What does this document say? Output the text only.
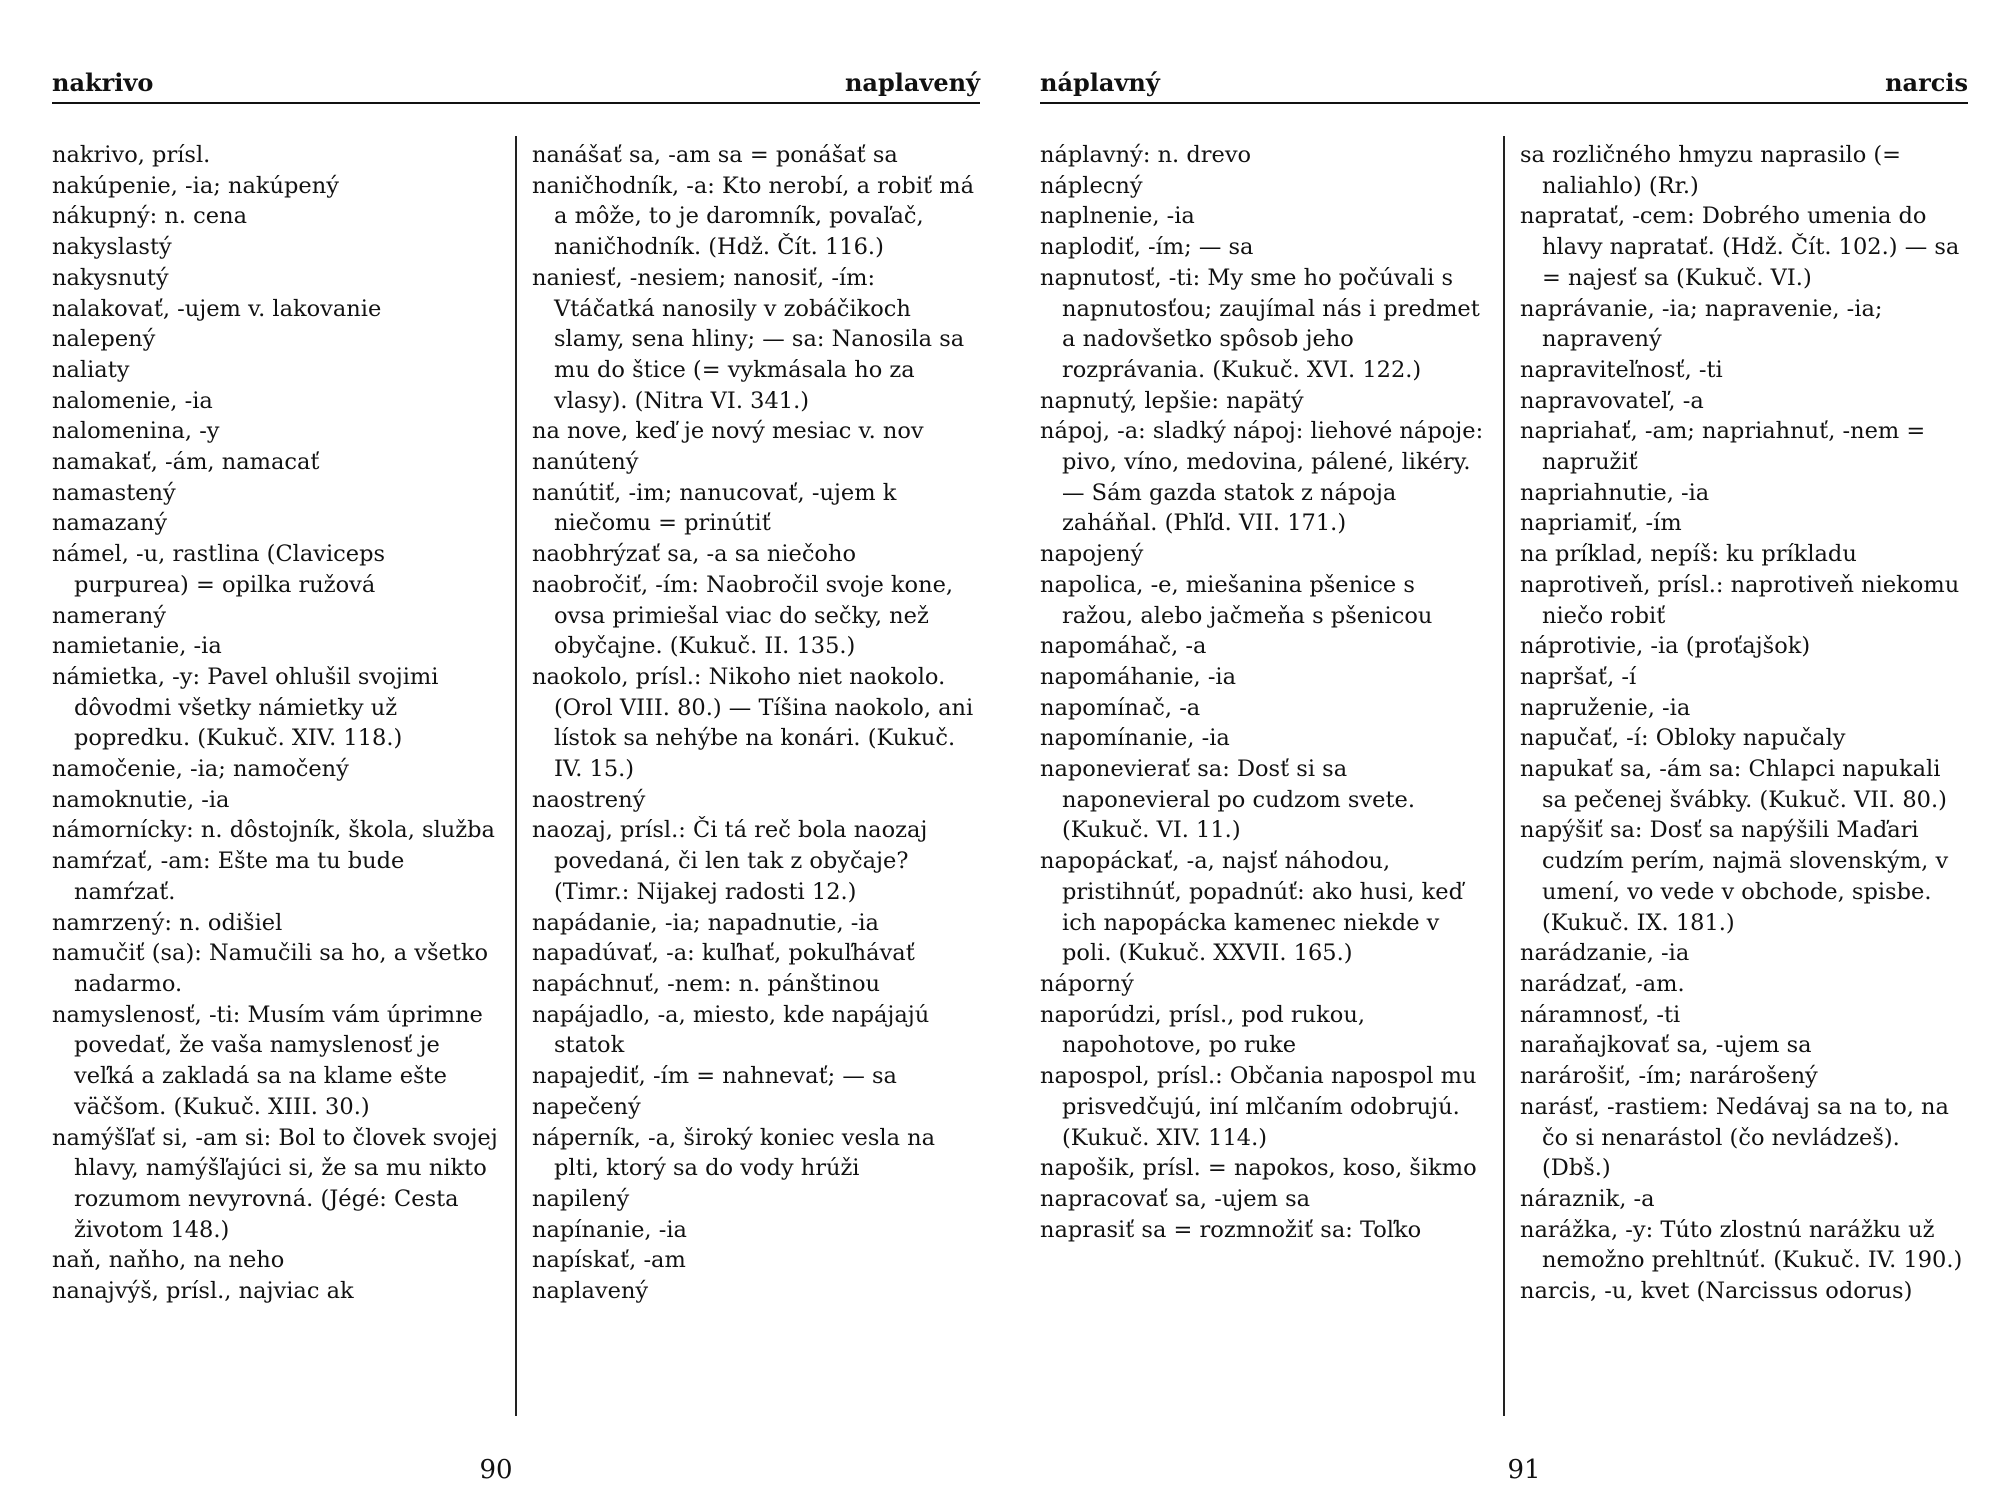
nakrivo	naplavený
nakrivo, prísl.
nakúpenie, -ia; nakúpený
nákupný: n. cena
nakyslastý
nakysnutý
nalakovať, -ujem v. lakovanie
nalepený
naliaty
nalomenie, -ia
nalomenina, -y
namakať, -ám, namacať
namastený
namazaný
námel, -u, rastlina (Claviceps purpurea) = opilka ružová
nameraný
namietanie, -ia
námietka, -y: Pavel ohlušil svojimi dôvodmi všetky námietky už popredku. (Kukuč. XIV. 118.)
namočenie, -ia; namočený
namoknutie, -ia
námornícky: n. dôstojník, škola, služba
namŕzať, -am: Ešte ma tu bude namŕzať.
namrzený: n. odišiel
namučiť (sa): Namučili sa ho, a všetko nadarmo.
namyslenosť, -ti: Musím vám úprimne povedať, že vaša namyslenosť je veľká a zakladá sa na klame ešte väčšom. (Kukuč. XIII. 30.)
namýšľať si, -am si: Bol to človek svojej hlavy, namýšľajúci si, že sa mu nikto rozumom nevyrovná. (Jégé: Cesta životom 148.)
naň, naňho, na neho
nanajvýš, prísl., najviac ak
nanášať sa, -am sa = ponášať sa
naničhodník, -a: Kto nerobí, a robiť má a môže, to je daromník, povaľač, naničhodník. (Hdž. Čít. 116.)
naniesť, -nesiem; nanosiť, -ím: Vtáčatká nanosily v zobáčikoch slamy, sena hliny; — sa: Nanosila sa mu do štice (= vykmásala ho za vlasy). (Nitra VI. 341.)
na nove, keď je nový mesiac v. nov
nanútený
nanútiť, -im; nanucovať, -ujem k niečomu = prinútiť
naobhrýzať sa, -a sa niečoho
naobročiť, -ím: Naobročil svoje kone, ovsa primiešal viac do sečky, než obyčajne. (Kukuč. II. 135.)
naokolo, prísl.: Nikoho niet naokolo. (Orol VIII. 80.) — Tíšina naokolo, ani lístok sa nehýbe na konári. (Kukuč. IV. 15.)
naostrený
naozaj, prísl.: Či tá reč bola naozaj povedaná, či len tak z obyčaje? (Timr.: Nijakej radosti 12.)
napádanie, -ia; napadnutie, -ia
napadúvať, -a: kuľhať, pokuľhávať
napáchnuť, -nem: n. pánštinou
napájadlo, -a, miesto, kde napájajú statok
napajediť, -ím = nahnevať; — sa
napečený
náperník, -a, široký koniec vesla na plti, ktorý sa do vody hrúži
napilený
napínanie, -ia
napískať, -am
naplavený
90
náplavný	narcis
náplavný: n. drevo
náplecný
naplnenie, -ia
naplodiť, -ím; — sa
napnutosť, -ti: My sme ho počúvali s napnutosťou; zaujímal nás i predmet a nadovšetko spôsob jeho rozprávania. (Kukuč. XVI. 122.)
napnutý, lepšie: napätý
nápoj, -a: sladký nápoj: liehové nápoje: pivo, víno, medovina, pálené, likéry. — Sám gazda statok z nápoja zaháňal. (Phľd. VII. 171.)
napojený
napolica, -e, miešanina pšenice s ražou, alebo jačmeňa s pšenicou
napomáhač, -a
napomáhanie, -ia
napomínač, -a
napomínanie, -ia
naponevierať sa: Dosť si sa naponevieral po cudzom svete. (Kukuč. VI. 11.)
napopáckať, -a, najsť náhodou, pristihnúť, popadnúť: ako husi, keď ich napopácka kamenec niekde v poli. (Kukuč. XXVII. 165.)
náporný
naporúdzi, prísl., pod rukou, napohotove, po ruke
napospol, prísl.: Občania napospol mu prisvedčujú, iní mlčaním odobrujú. (Kukuč. XIV. 114.)
napošik, prísl. = napokos, koso, šikmo
napracovať sa, -ujem sa
naprasiť sa = rozmnožiť sa: Toľko
sa rozličného hmyzu naprasilo (= naliahlo) (Rr.)
napratať, -cem: Dobrého umenia do hlavy napratať. (Hdž. Čít. 102.) — sa = najesť sa (Kukuč. VI.)
naprávanie, -ia; napravenie, -ia; napravený
napraviteľnosť, -ti
napravovateľ, -a
napriahať, -am; napriahnuť, -nem = napružiť
napriahnutie, -ia
napriamiť, -ím
na príklad, nepíš: ku príkladu
naprotiveň, prísl.: naprotiveň niekomu niečo robiť
náprotivie, -ia (proťajšok)
napršať, -í
napruženie, -ia
napučať, -í: Obloky napučaly
napukať sa, -ám sa: Chlapci napukali sa pečenej švábky. (Kukuč. VII. 80.)
napýšiť sa: Dosť sa napýšili Maďari cudzím perím, najmä slovenským, v umení, vo vede v obchode, spisbe. (Kukuč. IX. 181.)
narádzanie, -ia
narádzať, -am.
náramnosť, -ti
naraňajkovať sa, -ujem sa
narárošiť, -ím; narárošený
narásť, -rastiem: Nedávaj sa na to, na čo si nenarástol (čo nevládzeš). (Dbš.)
náraznik, -a
narážka, -y: Túto zlostnú narážku už nemožno prehltnúť. (Kukuč. IV. 190.)
narcis, -u, kvet (Narcissus odorus)
91
